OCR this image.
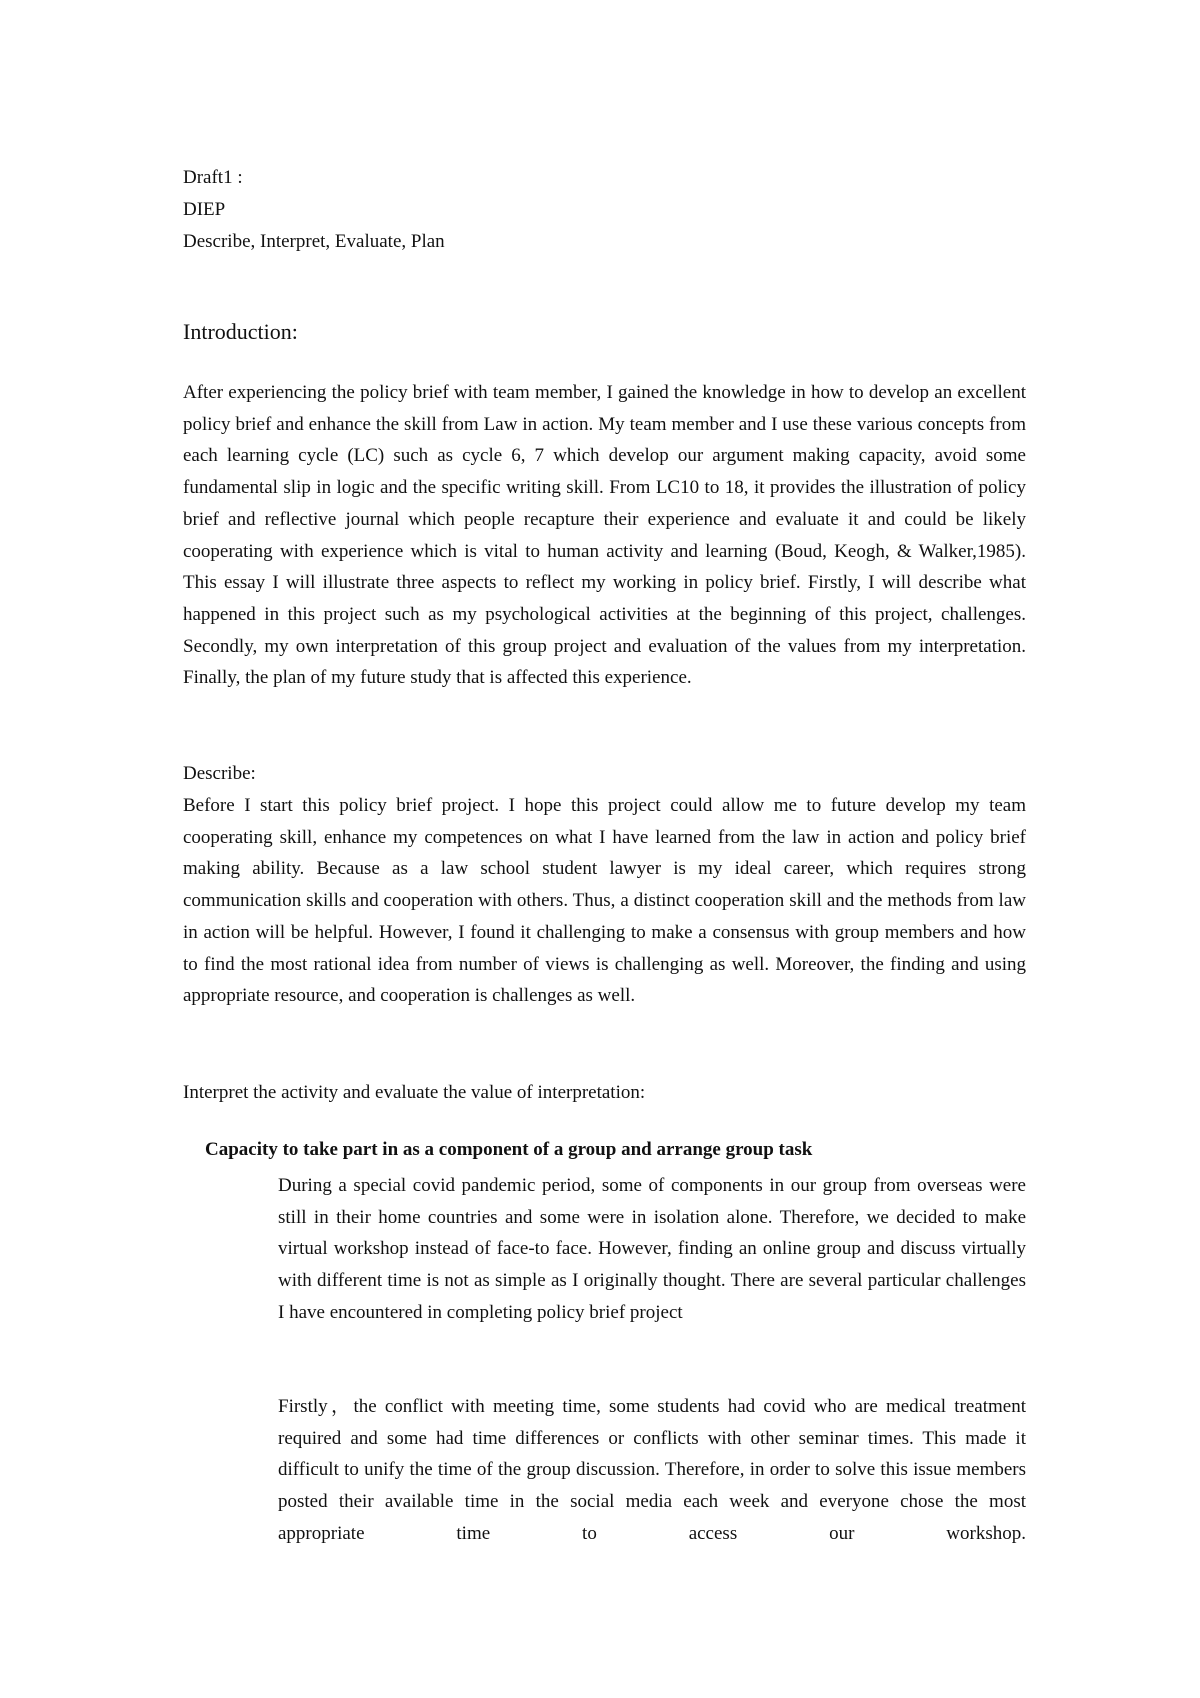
Draft1 :
DIEP
Describe, Interpret, Evaluate, Plan
Introduction:

After experiencing the policy brief with team member, I gained the knowledge in how to develop an excellent policy brief and enhance the skill from Law in action. My team member and I use these various concepts from each learning cycle (LC) such as cycle 6, 7 which develop our argument making capacity, avoid some fundamental slip in logic and the specific writing skill. From LC10 to 18, it provides the illustration of policy brief and reflective journal which people recapture their experience and evaluate it and could be likely cooperating with experience which is vital to human activity and learning (Boud, Keogh, & Walker,1985). This essay I will illustrate three aspects to reflect my working in policy brief. Firstly, I will describe what happened in this project such as my psychological activities at the beginning of this project, challenges. Secondly, my own interpretation of this group project and evaluation of the values from my interpretation. Finally, the plan of my future study that is affected this experience.

Describe:

Before I start this policy brief project. I hope this project could allow me to future develop my team cooperating skill, enhance my competences on what I have learned from the law in action and policy brief making ability. Because as a law school student lawyer is my ideal career, which requires strong communication skills and cooperation with others. Thus, a distinct cooperation skill and the methods from law in action will be helpful. However, I found it challenging to make a consensus with group members and how to find the most rational idea from number of views is challenging as well. Moreover, the finding and using appropriate resource, and cooperation is challenges as well.

Interpret the activity and evaluate the value of interpretation:
Capacity to take part in as a component of a group and arrange group task

During a special covid pandemic period, some of components in our group from overseas were still in their home countries and some were in isolation alone. Therefore, we decided to make virtual workshop instead of face-to face. However, finding an online group and discuss virtually with different time is not as simple as I originally thought. There are several particular challenges I have encountered in completing policy brief project

Firstly，the conflict with meeting time, some students had covid who are medical treatment required and some had time differences or conflicts with other seminar times. This made it difficult to unify the time of the group discussion. Therefore, in order to solve this issue members posted their available time in the social media each week and everyone chose the most appropriate time to access our workshop.
